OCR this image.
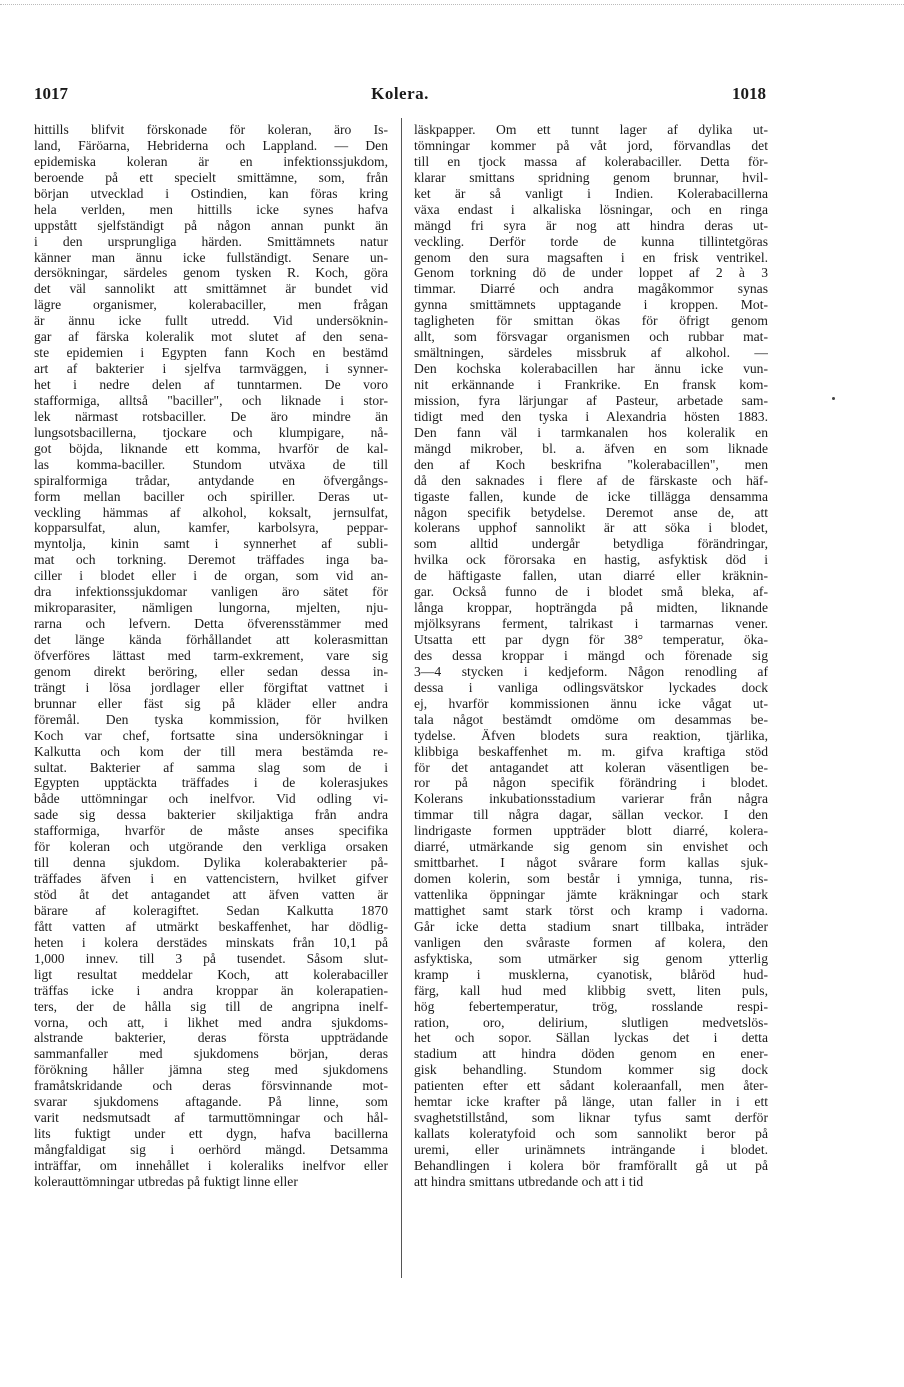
1017	Kolera.	1018
hittills blifvit förskonade för koleran, äro Is-
land, Färöarna, Hebriderna och Lappland. — Den
epidemiska koleran är en infektionssjukdom,
beroende på ett specielt smittämne, som, från
början utvecklad i Ostindien, kan föras kring
hela verlden, men hittills icke synes hafva
uppstått sjelfständigt på någon annan punkt än
i den ursprungliga härden. Smittämnets natur
känner man ännu icke fullständigt. Senare un-
dersökningar, särdeles genom tysken R. Koch, göra
det väl sannolikt att smittämnet är bundet vid
lägre organismer, kolerabaciller, men frågan
är ännu icke fullt utredd. Vid undersöknin-
gar af färska koleralik mot slutet af den sena-
ste epidemien i Egypten fann Koch en bestämd
art af bakterier i sjelfva tarmväggen, i synner-
het i nedre delen af tunntarmen. De voro
stafformiga, alltså "baciller", och liknade i stor-
lek närmast rotsbaciller. De äro mindre än
lungsotsbacillerna, tjockare och klumpigare, nå-
got böjda, liknande ett komma, hvarför de kal-
las komma-baciller. Stundom utväxa de till
spiralformiga trådar, antydande en öfvergångs-
form mellan baciller och spiriller. Deras ut-
veckling hämmas af alkohol, koksalt, jernsulfat,
kopparsulfat, alun, kamfer, karbolsyra, peppar-
myntolja, kinin samt i synnerhet af subli-
mat och torkning. Deremot träffades inga ba-
ciller i blodet eller i de organ, som vid an-
dra infektionssjukdomar vanligen äro sätet för
mikroparasiter, nämligen lungorna, mjelten, nju-
rarna och lefvern. Detta öfverensstämmer med
det länge kända förhållandet att kolerasmittan
öfverföres lättast med tarm-exkrement, vare sig
genom direkt beröring, eller sedan dessa in-
trängt i lösa jordlager eller förgiftat vattnet i
brunnar eller fäst sig på kläder eller andra
föremål. Den tyska kommission, för hvilken
Koch var chef, fortsatte sina undersökningar i
Kalkutta och kom der till mera bestämda re-
sultat. Bakterier af samma slag som de i
Egypten upptäckta träffades i de kolerasjukes
både uttömningar och inelfvor. Vid odling vi-
sade sig dessa bakterier skiljaktiga från andra
stafformiga, hvarför de måste anses specifika
för koleran och utgörande den verkliga orsaken
till denna sjukdom. Dylika kolerabakterier på-
träffades äfven i en vattencistern, hvilket gifver
stöd åt det antagandet att äfven vatten är
bärare af koleragiftet. Sedan Kalkutta 1870
fått vatten af utmärkt beskaffenhet, har dödlig-
heten i kolera derstädes minskats från 10,1 på
1,000 innev. till 3 på tusendet. Såsom slut-
ligt resultat meddelar Koch, att kolerabaciller
träffas icke i andra kroppar än kolerapatien-
ters, der de hålla sig till de angripna inelf-
vorna, och att, i likhet med andra sjukdoms-
alstrande bakterier, deras första uppträdande
sammanfaller med sjukdomens början, deras
förökning håller jämna steg med sjukdomens
framåtskridande och deras försvinnande mot-
svarar sjukdomens aftagande. På linne, som
varit nedsmutsadt af tarmuttömningar och hål-
lits fuktigt under ett dygn, hafva bacillerna
mångfaldigat sig i oerhörd mängd. Detsamma
inträffar, om innehållet i koleraliks inelfvor eller
kolerauttömningar utbredas på fuktigt linne eller
läskpapper. Om ett tunnt lager af dylika ut-
tömningar kommer på våt jord, förvandlas det
till en tjock massa af kolerabaciller. Detta för-
klarar smittans spridning genom brunnar, hvil-
ket är så vanligt i Indien. Kolerabacillerna
växa endast i alkaliska lösningar, och en ringa
mängd fri syra är nog att hindra deras ut-
veckling. Derför torde de kunna tillintetgöras
genom den sura magsaften i en frisk ventrikel.
Genom torkning dö de under loppet af 2 à 3
timmar. Diarré och andra magåkommor synas
gynna smittämnets upptagande i kroppen. Mot-
tagligheten för smittan ökas för öfrigt genom
allt, som försvagar organismen och rubbar mat-
smältningen, särdeles missbruk af alkohol. —
Den kochska kolerabacillen har ännu icke vun-
nit erkännande i Frankrike. En fransk kom-
mission, fyra lärjungar af Pasteur, arbetade sam-
tidigt med den tyska i Alexandria hösten 1883.
Den fann väl i tarmkanalen hos koleralik en
mängd mikrober, bl. a. äfven en som liknade
den af Koch beskrifna "kolerabacillen", men
då den saknades i flere af de färskaste och häf-
tigaste fallen, kunde de icke tillägga densamma
någon specifik betydelse. Deremot anse de, att
kolerans upphof sannolikt är att söka i blodet,
som alltid undergår betydliga förändringar,
hvilka ock förorsaka en hastig, asfyktisk död i
de häftigaste fallen, utan diarré eller kräknin-
gar. Också funno de i blodet små bleka, af-
långa kroppar, hopträngda på midten, liknande
mjölksyrans ferment, talrikast i tarmarnas vener.
Utsatta ett par dygn för 38° temperatur, öka-
des dessa kroppar i mängd och förenade sig
3—4 stycken i kedjeform. Någon renodling af
dessa i vanliga odlingsvätskor lyckades dock
ej, hvarför kommissionen ännu icke vågat ut-
tala något bestämdt omdöme om desammas be-
tydelse. Äfven blodets sura reaktion, tjärlika,
klibbiga beskaffenhet m. m. gifva kraftiga stöd
för det antagandet att koleran väsentligen be-
ror på någon specifik förändring i blodet.
Kolerans inkubationsstadium varierar från några
timmar till några dagar, sällan veckor. I den
lindrigaste formen uppträder blott diarré, kolera-
diarré, utmärkande sig genom sin envishet och
smittbarhet. I något svårare form kallas sjuk-
domen kolerin, som består i ymniga, tunna, ris-
vattenlika öppningar jämte kräkningar och stark
mattighet samt stark törst och kramp i vadorna.
Går icke detta stadium snart tillbaka, inträder
vanligen den svåraste formen af kolera, den
asfyktiska, som utmärker sig genom ytterlig
kramp i musklerna, cyanotisk, blåröd hud-
färg, kall hud med klibbig svett, liten puls,
hög febertemperatur, trög, rosslande respi-
ration, oro, delirium, slutligen medvetslös-
het och sopor. Sällan lyckas det i detta
stadium att hindra döden genom en ener-
gisk behandling. Stundom kommer sig dock
patienten efter ett sådant koleraanfall, men åter-
hemtar icke krafter på länge, utan faller in i ett
svaghetstillstånd, som liknar tyfus samt derför
kallats koleratyfoid och som sannolikt beror på
uremi, eller urinämnets inträngande i blodet.
Behandlingen i kolera bör framförallt gå ut på
att hindra smittans utbredande och att i tid
